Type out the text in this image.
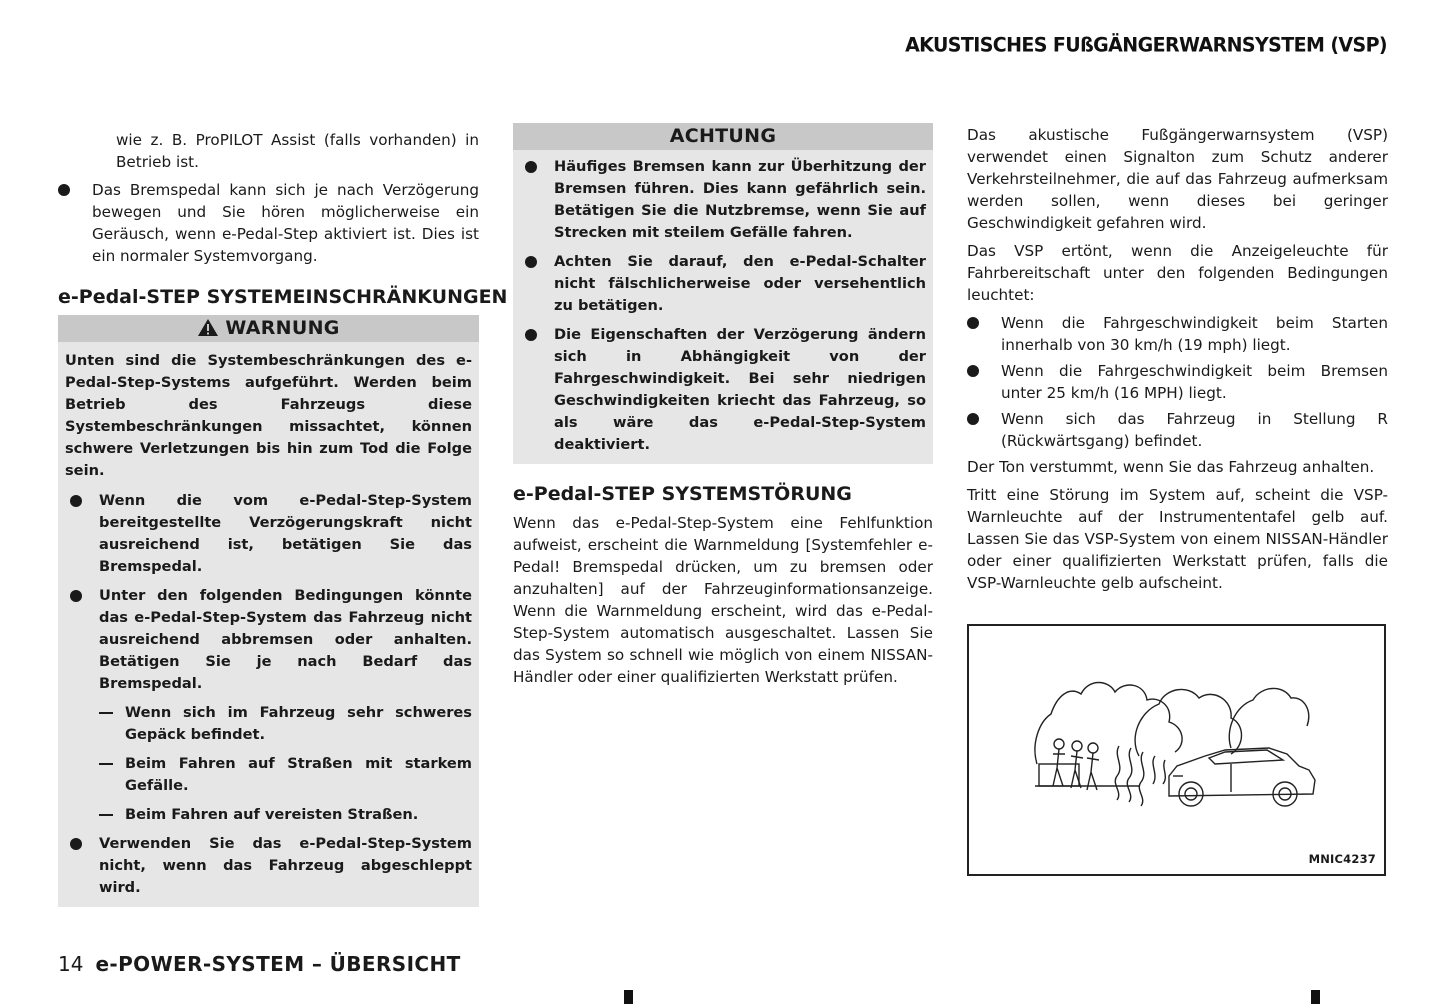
AKUSTISCHES FUßGÄNGERWARNSYSTEM (VSP)

wie z. B. ProPILOT Assist (falls vorhanden) in Betrieb ist.

Das Bremspedal kann sich je nach Verzögerung bewegen und Sie hören möglicherweise ein Geräusch, wenn e-Pedal-Step aktiviert ist. Dies ist ein normaler Systemvorgang.
e-Pedal-STEP SYSTEMEINSCHRÄNKUNGEN
WARNUNG

Unten sind die Systembeschränkungen des e-Pedal-Step-Systems aufgeführt. Werden beim Betrieb des Fahrzeugs diese Systembeschränkungen missachtet, können schwere Verletzungen bis hin zum Tod die Folge sein.

Wenn die vom e-Pedal-Step-System bereitgestellte Verzögerungskraft nicht ausreichend ist, betätigen Sie das Bremspedal.
Unter den folgenden Bedingungen könnte das e-Pedal-Step-System das Fahrzeug nicht ausreichend abbremsen oder anhalten. Betätigen Sie je nach Bedarf das Bremspedal.
Wenn sich im Fahrzeug sehr schweres Gepäck befindet.
Beim Fahren auf Straßen mit starkem Gefälle.
Beim Fahren auf vereisten Straßen.
Verwenden Sie das e-Pedal-Step-System nicht, wenn das Fahrzeug abgeschleppt wird.
ACHTUNG
Häufiges Bremsen kann zur Überhitzung der Bremsen führen. Dies kann gefährlich sein. Betätigen Sie die Nutzbremse, wenn Sie auf Strecken mit steilem Gefälle fahren.
Achten Sie darauf, den e-Pedal-Schalter nicht fälschlicherweise oder versehentlich zu betätigen.
Die Eigenschaften der Verzögerung ändern sich in Abhängigkeit von der Fahrgeschwindigkeit. Bei sehr niedrigen Geschwindigkeiten kriecht das Fahrzeug, so als wäre das e-Pedal-Step-System deaktiviert.
e-Pedal-STEP SYSTEMSTÖRUNG

Wenn das e-Pedal-Step-System eine Fehlfunktion aufweist, erscheint die Warnmeldung [Systemfehler e-Pedal! Bremspedal drücken, um zu bremsen oder anzuhalten] auf der Fahrzeuginformationsanzeige. Wenn die Warnmeldung erscheint, wird das e-Pedal-Step-System automatisch ausgeschaltet. Lassen Sie das System so schnell wie möglich von einem NISSAN-Händler oder einer qualifizierten Werkstatt prüfen.

Das akustische Fußgängerwarnsystem (VSP) verwendet einen Signalton zum Schutz anderer Verkehrsteilnehmer, die auf das Fahrzeug aufmerksam werden sollen, wenn dieses bei geringer Geschwindigkeit gefahren wird.

Das VSP ertönt, wenn die Anzeigeleuchte für Fahrbereitschaft unter den folgenden Bedingungen leuchtet:

Wenn die Fahrgeschwindigkeit beim Starten innerhalb von 30 km/h (19 mph) liegt.
Wenn die Fahrgeschwindigkeit beim Bremsen unter 25 km/h (16 MPH) liegt.
Wenn sich das Fahrzeug in Stellung R (Rückwärtsgang) befindet.

Der Ton verstummt, wenn Sie das Fahrzeug anhalten.

Tritt eine Störung im System auf, scheint die VSP-Warnleuchte auf der Instrumententafel gelb auf. Lassen Sie das VSP-System von einem NISSAN-Händler oder einer qualifizierten Werkstatt prüfen, falls die VSP-Warnleuchte gelb aufscheint.

MNIC4237
14 e-POWER-SYSTEM – ÜBERSICHT
